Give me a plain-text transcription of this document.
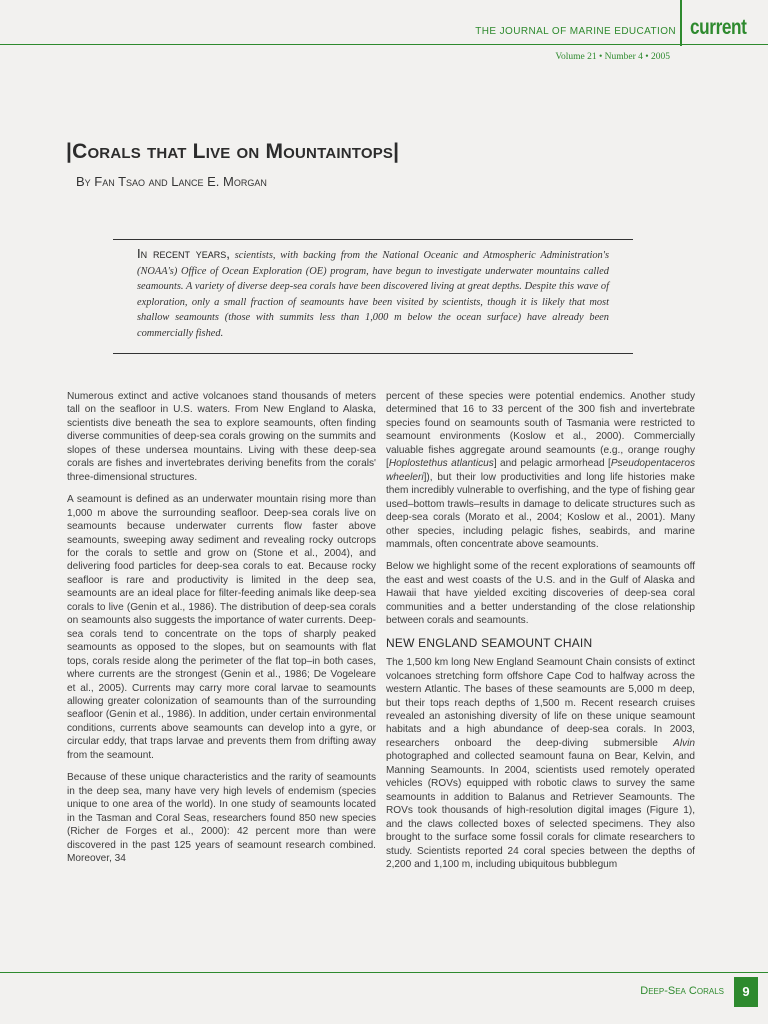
THE JOURNAL OF MARINE EDUCATION current
Volume 21 • Number 4 • 2005
|Corals that Live on Mountaintops|
By Fan Tsao and Lance E. Morgan
In recent years, scientists, with backing from the National Oceanic and Atmospheric Administration's (NOAA's) Office of Ocean Exploration (OE) program, have begun to investigate underwater mountains called seamounts. A variety of diverse deep-sea corals have been discovered living at great depths. Despite this wave of exploration, only a small fraction of seamounts have been visited by scientists, though it is likely that most shallow seamounts (those with summits less than 1,000 m below the ocean surface) have already been commercially fished.

Numerous extinct and active volcanoes stand thousands of meters tall on the seafloor in U.S. waters. From New England to Alaska, scientists dive beneath the sea to explore seamounts, often finding diverse communities of deep-sea corals growing on the summits and slopes of these undersea mountains. Living with these deep-sea corals are fishes and invertebrates deriving benefits from the corals' three-dimensional structures.

A seamount is defined as an underwater mountain rising more than 1,000 m above the surrounding seafloor. Deep-sea corals live on seamounts because underwater currents flow faster above seamounts, sweeping away sediment and revealing rocky outcrops for the corals to settle and grow on (Stone et al., 2004), and delivering food particles for deep-sea corals to eat. Because rocky seafloor is rare and productivity is limited in the deep sea, seamounts are an ideal place for filter-feeding animals like deep-sea corals to live (Genin et al., 1986). The distribution of deep-sea corals on seamounts also suggests the importance of water currents. Deep-sea corals tend to concentrate on the tops of sharply peaked seamounts as opposed to the slopes, but on seamounts with flat tops, corals reside along the perimeter of the flat top–in both cases, where currents are the strongest (Genin et al., 1986; De Vogeleare et al., 2005). Currents may carry more coral larvae to seamounts allowing greater colonization of seamounts than of the surrounding seafloor (Genin et al., 1986). In addition, under certain environmental conditions, currents above seamounts can develop into a gyre, or circular eddy, that traps larvae and prevents them from drifting away from the seamount.

Because of these unique characteristics and the rarity of seamounts in the deep sea, many have very high levels of endemism (species unique to one area of the world). In one study of seamounts located in the Tasman and Coral Seas, researchers found 850 new species (Richer de Forges et al., 2000): 42 percent more than were discovered in the past 125 years of seamount research combined. Moreover, 34

percent of these species were potential endemics. Another study determined that 16 to 33 percent of the 300 fish and invertebrate species found on seamounts south of Tasmania were restricted to seamount environments (Koslow et al., 2000). Commercially valuable fishes aggregate around seamounts (e.g., orange roughy [Hoplostethus atlanticus] and pelagic armorhead [Pseudopentaceros wheeleri]), but their low productivities and long life histories make them incredibly vulnerable to overfishing, and the type of fishing gear used–bottom trawls–results in damage to delicate structures such as deep-sea corals (Morato et al., 2004; Koslow et al., 2001). Many other species, including pelagic fishes, seabirds, and marine mammals, often concentrate above seamounts.

Below we highlight some of the recent explorations of seamounts off the east and west coasts of the U.S. and in the Gulf of Alaska and Hawaii that have yielded exciting discoveries of deep-sea coral communities and a better understanding of the close relationship between corals and seamounts.

NEW ENGLAND SEAMOUNT CHAIN

The 1,500 km long New England Seamount Chain consists of extinct volcanoes stretching form offshore Cape Cod to halfway across the western Atlantic. The bases of these seamounts are 5,000 m deep, but their tops reach depths of 1,500 m. Recent research cruises revealed an astonishing diversity of life on these unique seamount habitats and a high abundance of deep-sea corals. In 2003, researchers onboard the deep-diving submersible Alvin photographed and collected seamount fauna on Bear, Kelvin, and Manning Seamounts. In 2004, scientists used remotely operated vehicles (ROVs) equipped with robotic claws to survey the same seamounts in addition to Balanus and Retriever Seamounts. The ROVs took thousands of high-resolution digital images (Figure 1), and the claws collected boxes of selected specimens. They also brought to the surface some fossil corals for climate researchers to study. Scientists reported 24 coral species between the depths of 2,200 and 1,100 m, including ubiquitous bubblegum

Deep-Sea Corals	9
